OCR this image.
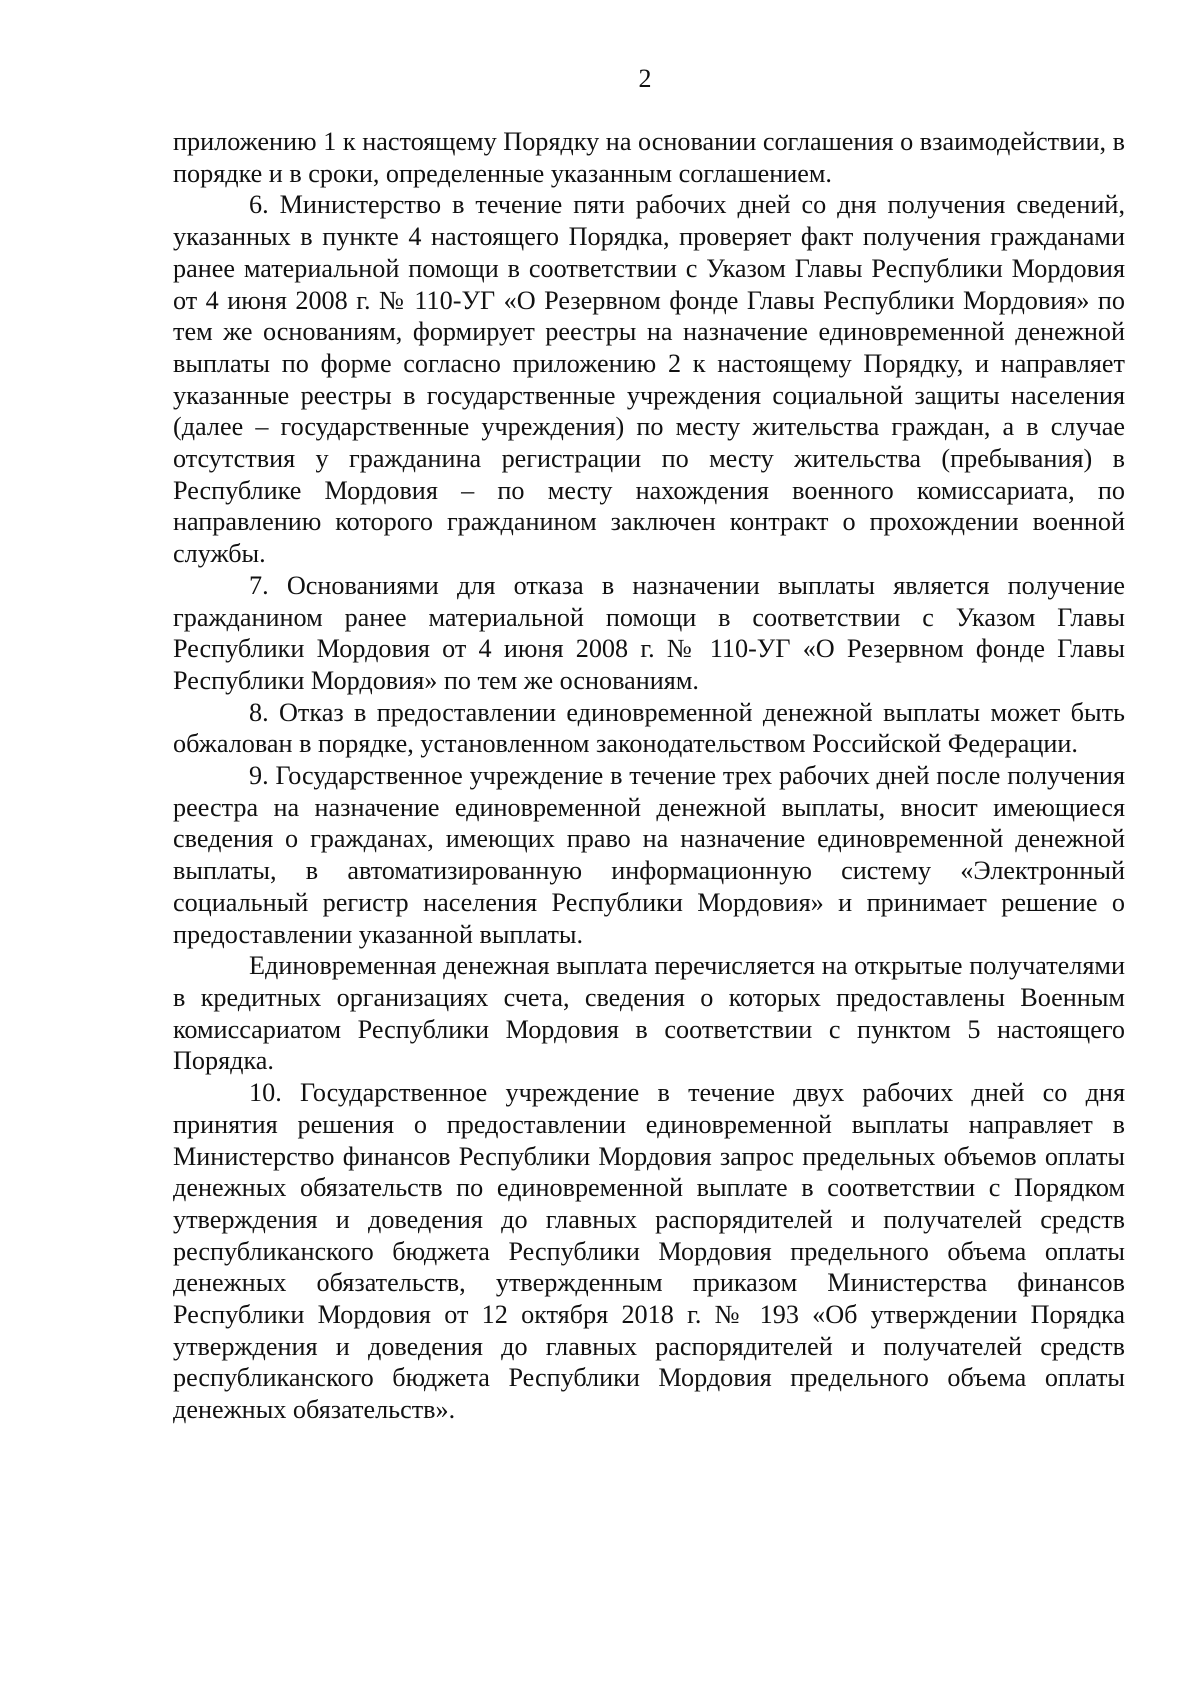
2

приложению 1 к настоящему Порядку на основании соглашения о взаимодействии, в порядке и в сроки, определенные указанным соглашением.

6. Министерство в течение пяти рабочих дней со дня получения сведений, указанных в пункте 4 настоящего Порядка, проверяет факт получения гражданами ранее материальной помощи в соответствии с Указом Главы Республики Мордовия от 4 июня 2008 г. № 110-УГ «О Резервном фонде Главы Республики Мордовия» по тем же основаниям, формирует реестры на назначение единовременной денежной выплаты по форме согласно приложению 2 к настоящему Порядку, и направляет указанные реестры в государственные учреждения социальной защиты населения (далее – государственные учреждения) по месту жительства граждан, а в случае отсутствия у гражданина регистрации по месту жительства (пребывания) в Республике Мордовия – по месту нахождения военного комиссариата, по направлению которого гражданином заключен контракт о прохождении военной службы.

7. Основаниями для отказа в назначении выплаты является получение гражданином ранее материальной помощи в соответствии с Указом Главы Республики Мордовия от 4 июня 2008 г. № 110-УГ «О Резервном фонде Главы Республики Мордовия» по тем же основаниям.

8. Отказ в предоставлении единовременной денежной выплаты может быть обжалован в порядке, установленном законодательством Российской Федерации.

9. Государственное учреждение в течение трех рабочих дней после получения реестра на назначение единовременной денежной выплаты, вносит имеющиеся сведения о гражданах, имеющих право на назначение единовременной денежной выплаты, в автоматизированную информационную систему «Электронный социальный регистр населения Республики Мордовия» и принимает решение о предоставлении указанной выплаты.

Единовременная денежная выплата перечисляется на открытые получателями в кредитных организациях счета, сведения о которых предоставлены Военным комиссариатом Республики Мордовия в соответствии с пунктом 5 настоящего Порядка.

10. Государственное учреждение в течение двух рабочих дней со дня принятия решения о предоставлении единовременной выплаты направляет в Министерство финансов Республики Мордовия запрос предельных объемов оплаты денежных обязательств по единовременной выплате в соответствии с Порядком утверждения и доведения до главных распорядителей и получателей средств республиканского бюджета Республики Мордовия предельного объема оплаты денежных обязательств, утвержденным приказом Министерства финансов Республики Мордовия от 12 октября 2018 г. № 193 «Об утверждении Порядка утверждения и доведения до главных распорядителей и получателей средств республиканского бюджета Республики Мордовия предельного объема оплаты денежных обязательств».
